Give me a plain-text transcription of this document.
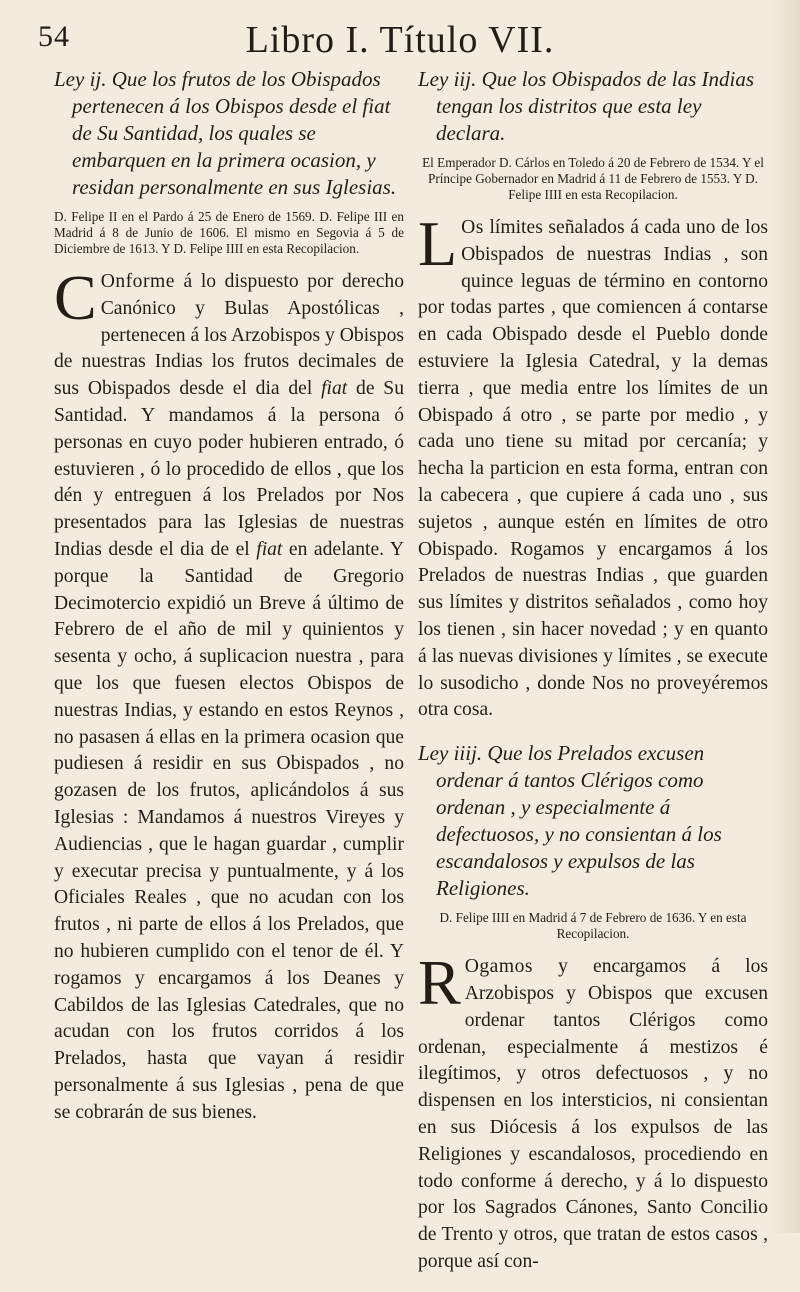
54	Libro I. Título VII.

Ley ij. Que los frutos de los Obispados pertenecen á los Obispos desde el fiat de Su Santidad, los quales se embarquen en la primera ocasion, y residan personalmente en sus Iglesias.

D. Felipe II en el Pardo á 25 de Enero de 1569. D. Felipe III en Madrid á 8 de Junio de 1606. El mismo en Segovia á 5 de Diciembre de 1613. Y D. Felipe IIII en esta Recopilacion.

C Onforme á lo dispuesto por derecho Canónico y Bulas Apostólicas , pertenecen á los Arzobispos y Obispos de nuestras Indias los frutos decimales de sus Obispados desde el dia del fiat de Su Santidad. Y mandamos á la persona ó personas en cuyo poder hubieren entrado, ó estuvieren , ó lo procedido de ellos , que los dén y entreguen á los Prelados por Nos presentados para las Iglesias de nuestras Indias desde el dia de el fiat en adelante. Y porque la Santidad de Gregorio Decimotercio expidió un Breve á último de Febrero de el año de mil y quinientos y sesenta y ocho, á suplicacion nuestra , para que los que fuesen electos Obispos de nuestras Indias, y estando en estos Reynos , no pasasen á ellas en la primera ocasion que pudiesen á residir en sus Obispados , no gozasen de los frutos, aplicándolos á sus Iglesias : Mandamos á nuestros Vireyes y Audiencias , que le hagan guardar , cumplir y executar precisa y puntualmente, y á los Oficiales Reales , que no acudan con los frutos , ni parte de ellos á los Prelados, que no hubieren cumplido con el tenor de él. Y rogamos y encargamos á los Deanes y Cabildos de las Iglesias Catedrales, que no acudan con los frutos corridos á los Prelados, hasta que vayan á residir personalmente á sus Iglesias , pena de que se cobrarán de sus bienes.

Ley iij. Que los Obispados de las Indias tengan los distritos que esta ley declara.

El Emperador D. Cárlos en Toledo á 20 de Febrero de 1534. Y el Príncipe Gobernador en Madrid á 11 de Febrero de 1553. Y D. Felipe IIII en esta Recopilacion.

L Os límites señalados á cada uno de los Obispados de nuestras Indias , son quince leguas de término en contorno por todas partes , que comiencen á contarse en cada Obispado desde el Pueblo donde estuviere la Iglesia Catedral, y la demas tierra , que media entre los límites de un Obispado á otro , se parte por medio , y cada uno tiene su mitad por cercanía; y hecha la particion en esta forma, entran con la cabecera , que cupiere á cada uno , sus sujetos , aunque estén en límites de otro Obispado. Rogamos y encargamos á los Prelados de nuestras Indias , que guarden sus límites y distritos señalados , como hoy los tienen , sin hacer novedad ; y en quanto á las nuevas divisiones y límites , se execute lo susodicho , donde Nos no proveyéremos otra cosa.

Ley iiij. Que los Prelados excusen ordenar á tantos Clérigos como ordenan , y especialmente á defectuosos, y no consientan á los escandalosos y expulsos de las Religiones.

D. Felipe IIII en Madrid á 7 de Febrero de 1636. Y en esta Recopilacion.

R Ogamos y encargamos á los Arzobispos y Obispos que excusen ordenar tantos Clérigos como ordenan, especialmente á mestizos é ilegítimos, y otros defectuosos , y no dispensen en los intersticios, ni consientan en sus Diócesis á los expulsos de las Religiones y escandalosos, procediendo en todo conforme á derecho, y á lo dispuesto por los Sagrados Cánones, Santo Concilio de Trento y otros, que tratan de estos casos , porque así con-
